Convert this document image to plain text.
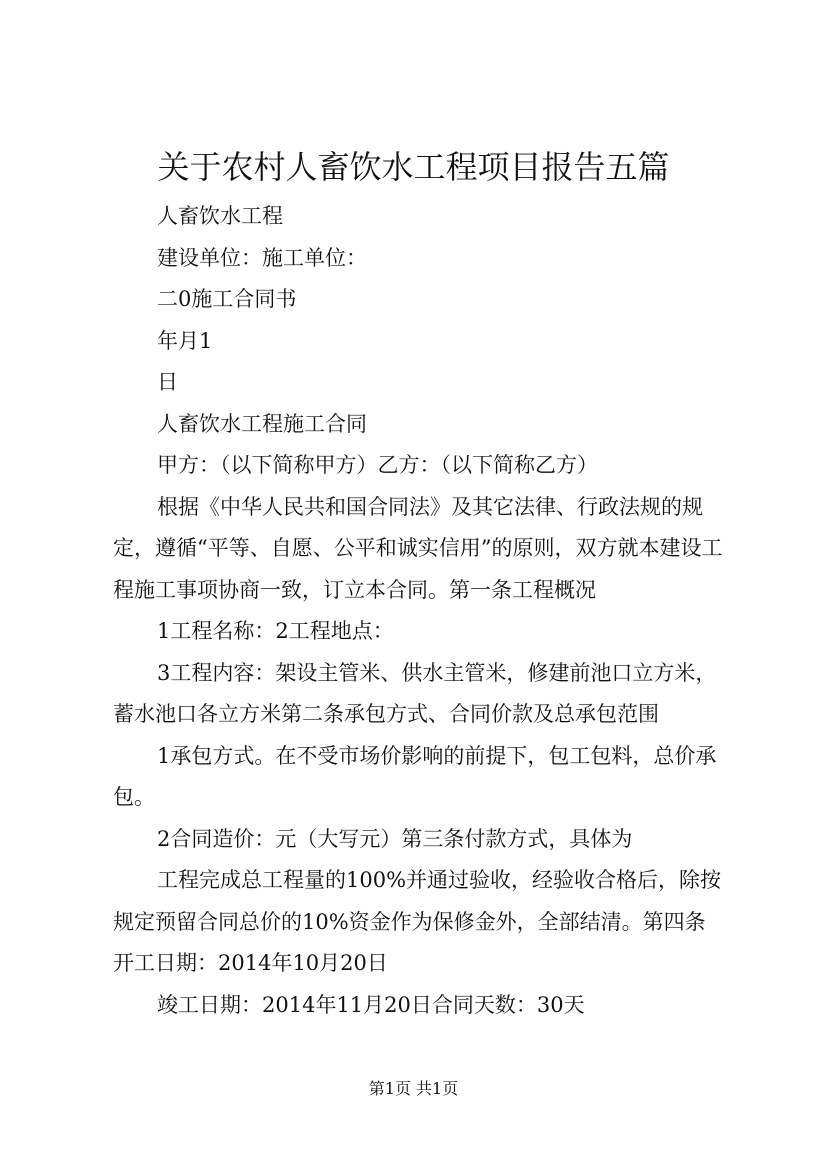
关于农村人畜饮水工程项目报告五篇

人畜饮水工程

建设单位：施工单位：

二0施工合同书

年月1

日

人畜饮水工程施工合同

甲方：（以下简称甲方）乙方：（以下简称乙方）

根据《中华人民共和国合同法》及其它法律、行政法规的规定，遵循“平等、自愿、公平和诚实信用”的原则，双方就本建设工程施工事项协商一致，订立本合同。第一条工程概况

1工程名称：2工程地点：

3工程内容：架设主管米、供水主管米，修建前池口立方米，蓄水池口各立方米第二条承包方式、合同价款及总承包范围

1承包方式。在不受市场价影响的前提下，包工包料，总价承包。

2合同造价：元（大写元）第三条付款方式，具体为

工程完成总工程量的100%并通过验收，经验收合格后，除按规定预留合同总价的10%资金作为保修金外，全部结清。第四条开工日期：2014年10月20日

竣工日期：2014年11月20日合同天数：30天

第1页 共1页
